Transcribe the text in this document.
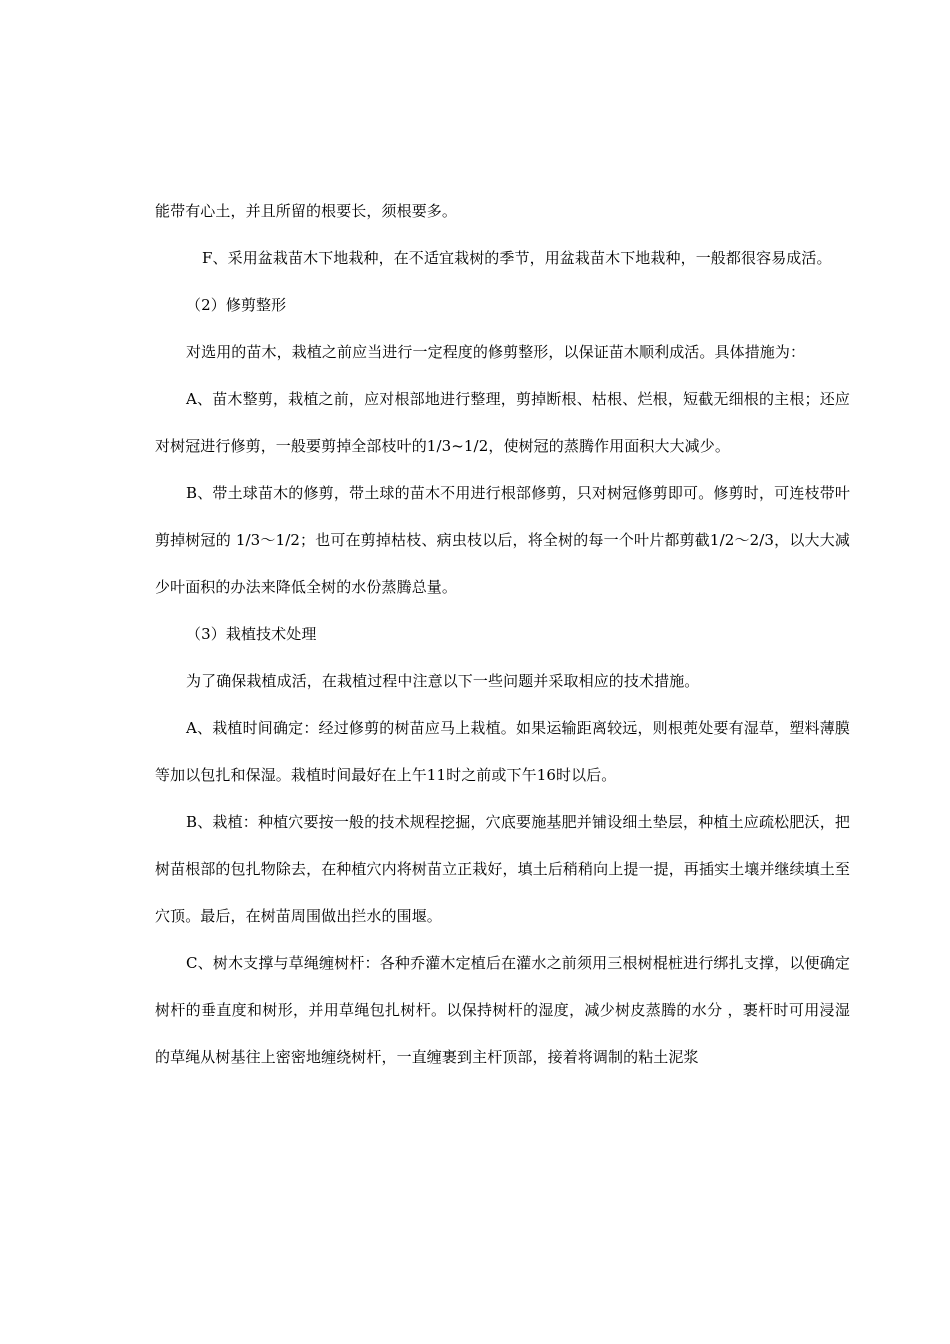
能带有心土，并且所留的根要长，须根要多。

F、采用盆栽苗木下地栽种，在不适宜栽树的季节，用盆栽苗木下地栽种，一般都很容易成活。

（2）修剪整形

对选用的苗木，栽植之前应当进行一定程度的修剪整形，以保证苗木顺利成活。具体措施为：

A、苗木整剪，栽植之前，应对根部地进行整理，剪掉断根、枯根、烂根，短截无细根的主根；还应对树冠进行修剪，一般要剪掉全部枝叶的1/3~1/2，使树冠的蒸腾作用面积大大减少。

B、带土球苗木的修剪，带土球的苗木不用进行根部修剪，只对树冠修剪即可。修剪时，可连枝带叶剪掉树冠的 1/3～1/2；也可在剪掉枯枝、病虫枝以后，将全树的每一个叶片都剪截1/2～2/3，以大大减少叶面积的办法来降低全树的水份蒸腾总量。

（3）栽植技术处理

为了确保栽植成活，在栽植过程中注意以下一些问题并采取相应的技术措施。

A、栽植时间确定：经过修剪的树苗应马上栽植。如果运输距离较远，则根蔸处要有湿草，塑料薄膜等加以包扎和保湿。栽植时间最好在上午11时之前或下午16时以后。

B、栽植：种植穴要按一般的技术规程挖掘，穴底要施基肥并铺设细土垫层，种植土应疏松肥沃，把树苗根部的包扎物除去，在种植穴内将树苗立正栽好，填土后稍稍向上提一提，再插实土壤并继续填土至穴顶。最后，在树苗周围做出拦水的围堰。

C、树木支撑与草绳缠树杆：各种乔灌木定植后在灌水之前须用三根树棍桩进行绑扎支撑，以便确定树杆的垂直度和树形，并用草绳包扎树杆。以保持树杆的湿度，减少树皮蒸腾的水分 ，裹杆时可用浸湿的草绳从树基往上密密地缠绕树杆，一直缠裹到主杆顶部，接着将调制的粘土泥浆
